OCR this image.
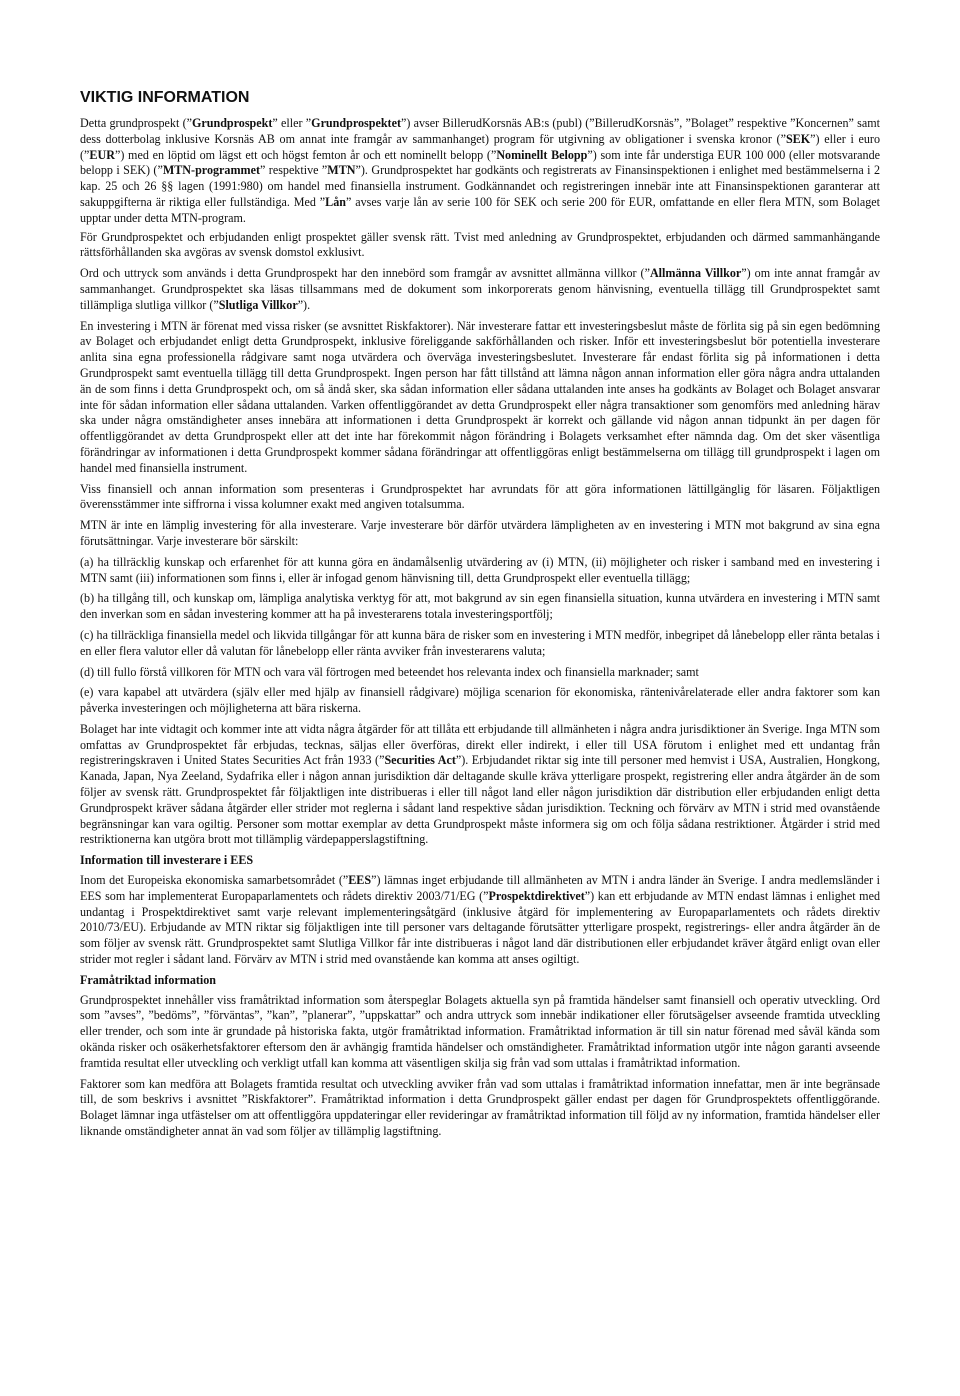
VIKTIG INFORMATION

Detta grundprospekt (”Grundprospekt” eller ”Grundprospektet”) avser BillerudKorsnäs AB:s (publ) (”BillerudKorsnäs”, ”Bolaget” respektive ”Koncernen” samt dess dotterbolag inklusive Korsnäs AB om annat inte framgår av sammanhanget) program för utgivning av obligationer i svenska kronor (”SEK”) eller i euro (”EUR”) med en löptid om lägst ett och högst femton år och ett nominellt belopp (”Nominellt Belopp”) som inte får understiga EUR 100 000 (eller motsvarande belopp i SEK) (”MTN-programmet” respektive ”MTN”). Grundprospektet har godkänts och registrerats av Finansinspektionen i enlighet med bestämmelserna i 2 kap. 25 och 26 §§ lagen (1991:980) om handel med finansiella instrument. Godkännandet och registreringen innebär inte att Finansinspektionen garanterar att sakuppgifterna är riktiga eller fullständiga. Med ”Lån” avses varje lån av serie 100 för SEK och serie 200 för EUR, omfattande en eller flera MTN, som Bolaget upptar under detta MTN-program.

För Grundprospektet och erbjudanden enligt prospektet gäller svensk rätt. Tvist med anledning av Grundprospektet, erbjudanden och därmed sammanhängande rättsförhållanden ska avgöras av svensk domstol exklusivt.

Ord och uttryck som används i detta Grundprospekt har den innebörd som framgår av avsnittet allmänna villkor (”Allmänna Villkor”) om inte annat framgår av sammanhanget. Grundprospektet ska läsas tillsammans med de dokument som inkorporerats genom hänvisning, eventuella tillägg till Grundprospektet samt tillämpliga slutliga villkor (”Slutliga Villkor”).

En investering i MTN är förenat med vissa risker (se avsnittet Riskfaktorer). När investerare fattar ett investeringsbeslut måste de förlita sig på sin egen bedömning av Bolaget och erbjudandet enligt detta Grundprospekt, inklusive föreliggande sakförhållanden och risker. Inför ett investeringsbeslut bör potentiella investerare anlita sina egna professionella rådgivare samt noga utvärdera och överväga investeringsbeslutet. Investerare får endast förlita sig på informationen i detta Grundprospekt samt eventuella tillägg till detta Grundprospekt. Ingen person har fått tillstånd att lämna någon annan information eller göra några andra uttalanden än de som finns i detta Grundprospekt och, om så ändå sker, ska sådan information eller sådana uttalanden inte anses ha godkänts av Bolaget och Bolaget ansvarar inte för sådan information eller sådana uttalanden. Varken offentliggörandet av detta Grundprospekt eller några transaktioner som genomförs med anledning härav ska under några omständigheter anses innebära att informationen i detta Grundprospekt är korrekt och gällande vid någon annan tidpunkt än per dagen för offentliggörandet av detta Grundprospekt eller att det inte har förekommit någon förändring i Bolagets verksamhet efter nämnda dag. Om det sker väsentliga förändringar av informationen i detta Grundprospekt kommer sådana förändringar att offentliggöras enligt bestämmelserna om tillägg till grundprospekt i lagen om handel med finansiella instrument.

Viss finansiell och annan information som presenteras i Grundprospektet har avrundats för att göra informationen lättillgänglig för läsaren. Följaktligen överensstämmer inte siffrorna i vissa kolumner exakt med angiven totalsumma.

MTN är inte en lämplig investering för alla investerare. Varje investerare bör därför utvärdera lämpligheten av en investering i MTN mot bakgrund av sina egna förutsättningar. Varje investerare bör särskilt:

(a) ha tillräcklig kunskap och erfarenhet för att kunna göra en ändamålsenlig utvärdering av (i) MTN, (ii) möjligheter och risker i samband med en investering i MTN samt (iii) informationen som finns i, eller är infogad genom hänvisning till, detta Grundprospekt eller eventuella tillägg;

(b) ha tillgång till, och kunskap om, lämpliga analytiska verktyg för att, mot bakgrund av sin egen finansiella situation, kunna utvärdera en investering i MTN samt den inverkan som en sådan investering kommer att ha på investerarens totala investeringsportfölj;

(c) ha tillräckliga finansiella medel och likvida tillgångar för att kunna bära de risker som en investering i MTN medför, inbegripet då lånebelopp eller ränta betalas i en eller flera valutor eller då valutan för lånebelopp eller ränta avviker från investerarens valuta;

(d) till fullo förstå villkoren för MTN och vara väl förtrogen med beteendet hos relevanta index och finansiella marknader; samt

(e) vara kapabel att utvärdera (själv eller med hjälp av finansiell rådgivare) möjliga scenarion för ekonomiska, räntenivårelaterade eller andra faktorer som kan påverka investeringen och möjligheterna att bära riskerna.

Bolaget har inte vidtagit och kommer inte att vidta några åtgärder för att tillåta ett erbjudande till allmänheten i några andra jurisdiktioner än Sverige. Inga MTN som omfattas av Grundprospektet får erbjudas, tecknas, säljas eller överföras, direkt eller indirekt, i eller till USA förutom i enlighet med ett undantag från registreringskraven i United States Securities Act från 1933 (”Securities Act”). Erbjudandet riktar sig inte till personer med hemvist i USA, Australien, Hongkong, Kanada, Japan, Nya Zeeland, Sydafrika eller i någon annan jurisdiktion där deltagande skulle kräva ytterligare prospekt, registrering eller andra åtgärder än de som följer av svensk rätt. Grundprospektet får följaktligen inte distribueras i eller till något land eller någon jurisdiktion där distribution eller erbjudanden enligt detta Grundprospekt kräver sådana åtgärder eller strider mot reglerna i sådant land respektive sådan jurisdiktion. Teckning och förvärv av MTN i strid med ovanstående begränsningar kan vara ogiltig. Personer som mottar exemplar av detta Grundprospekt måste informera sig om och följa sådana restriktioner. Åtgärder i strid med restriktionerna kan utgöra brott mot tillämplig värdepapperslagstiftning.

Information till investerare i EES

Inom det Europeiska ekonomiska samarbetsområdet (”EES”) lämnas inget erbjudande till allmänheten av MTN i andra länder än Sverige. I andra medlemsländer i EES som har implementerat Europaparlamentets och rådets direktiv 2003/71/EG (”Prospektdirektivet”) kan ett erbjudande av MTN endast lämnas i enlighet med undantag i Prospektdirektivet samt varje relevant implementeringsåtgärd (inklusive åtgärd för implementering av Europaparlamentets och rådets direktiv 2010/73/EU). Erbjudande av MTN riktar sig följaktligen inte till personer vars deltagande förutsätter ytterligare prospekt, registrerings- eller andra åtgärder än de som följer av svensk rätt. Grundprospektet samt Slutliga Villkor får inte distribueras i något land där distributionen eller erbjudandet kräver åtgärd enligt ovan eller strider mot regler i sådant land. Förvärv av MTN i strid med ovanstående kan komma att anses ogiltigt.

Framåtriktad information

Grundprospektet innehåller viss framåtriktad information som återspeglar Bolagets aktuella syn på framtida händelser samt finansiell och operativ utveckling. Ord som ”avses”, ”bedöms”, ”förväntas”, ”kan”, ”planerar”, ”uppskattar” och andra uttryck som innebär indikationer eller förutsägelser avseende framtida utveckling eller trender, och som inte är grundade på historiska fakta, utgör framåtriktad information. Framåtriktad information är till sin natur förenad med såväl kända som okända risker och osäkerhetsfaktorer eftersom den är avhängig framtida händelser och omständigheter. Framåtriktad information utgör inte någon garanti avseende framtida resultat eller utveckling och verkligt utfall kan komma att väsentligen skilja sig från vad som uttalas i framåtriktad information.

Faktorer som kan medföra att Bolagets framtida resultat och utveckling avviker från vad som uttalas i framåtriktad information innefattar, men är inte begränsade till, de som beskrivs i avsnittet ”Riskfaktorer”. Framåtriktad information i detta Grundprospekt gäller endast per dagen för Grundprospektets offentliggörande. Bolaget lämnar inga utfästelser om att offentliggöra uppdateringar eller revideringar av framåtriktad information till följd av ny information, framtida händelser eller liknande omständigheter annat än vad som följer av tillämplig lagstiftning.
